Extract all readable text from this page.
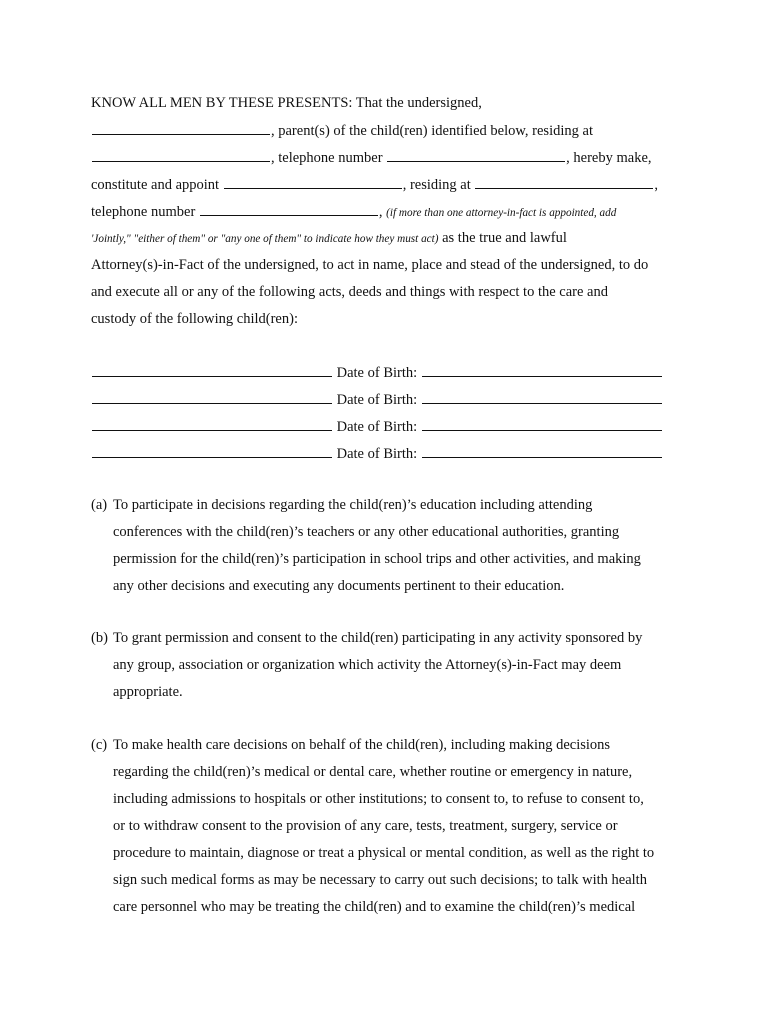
KNOW ALL MEN BY THESE PRESENTS: That the undersigned,
, parent(s) of the child(ren) identified below, residing at
, telephone number	, hereby make,
constitute and appoint	, residing at	,
telephone number	, (if more than one attorney-in-fact is appointed, add
'Jointly," "either of them" or "any one of them" to indicate how they must act) as the true and lawful
Attorney(s)-in-Fact of the undersigned, to act in name, place and stead of the undersigned, to do
and execute all or any of the following acts, deeds and things with respect to the care and
custody of the following child(ren):
Date of Birth:
Date of Birth:
Date of Birth:
Date of Birth:
(a) To participate in decisions regarding the child(ren)’s education including attending
conferences with the child(ren)’s teachers or any other educational authorities, granting
permission for the child(ren)’s participation in school trips and other activities, and making
any other decisions and executing any documents pertinent to their education.
(b) To grant permission and consent to the child(ren) participating in any activity sponsored by
any group, association or organization which activity the Attorney(s)-in-Fact may deem
appropriate.
(c) To make health care decisions on behalf of the child(ren), including making decisions
regarding the child(ren)’s medical or dental care, whether routine or emergency in nature,
including admissions to hospitals or other institutions; to consent to, to refuse to consent to,
or to withdraw consent to the provision of any care, tests, treatment, surgery, service or
procedure to maintain, diagnose or treat a physical or mental condition, as well as the right to
sign such medical forms as may be necessary to carry out such decisions; to talk with health
care personnel who may be treating the child(ren) and to examine the child(ren)’s medical
